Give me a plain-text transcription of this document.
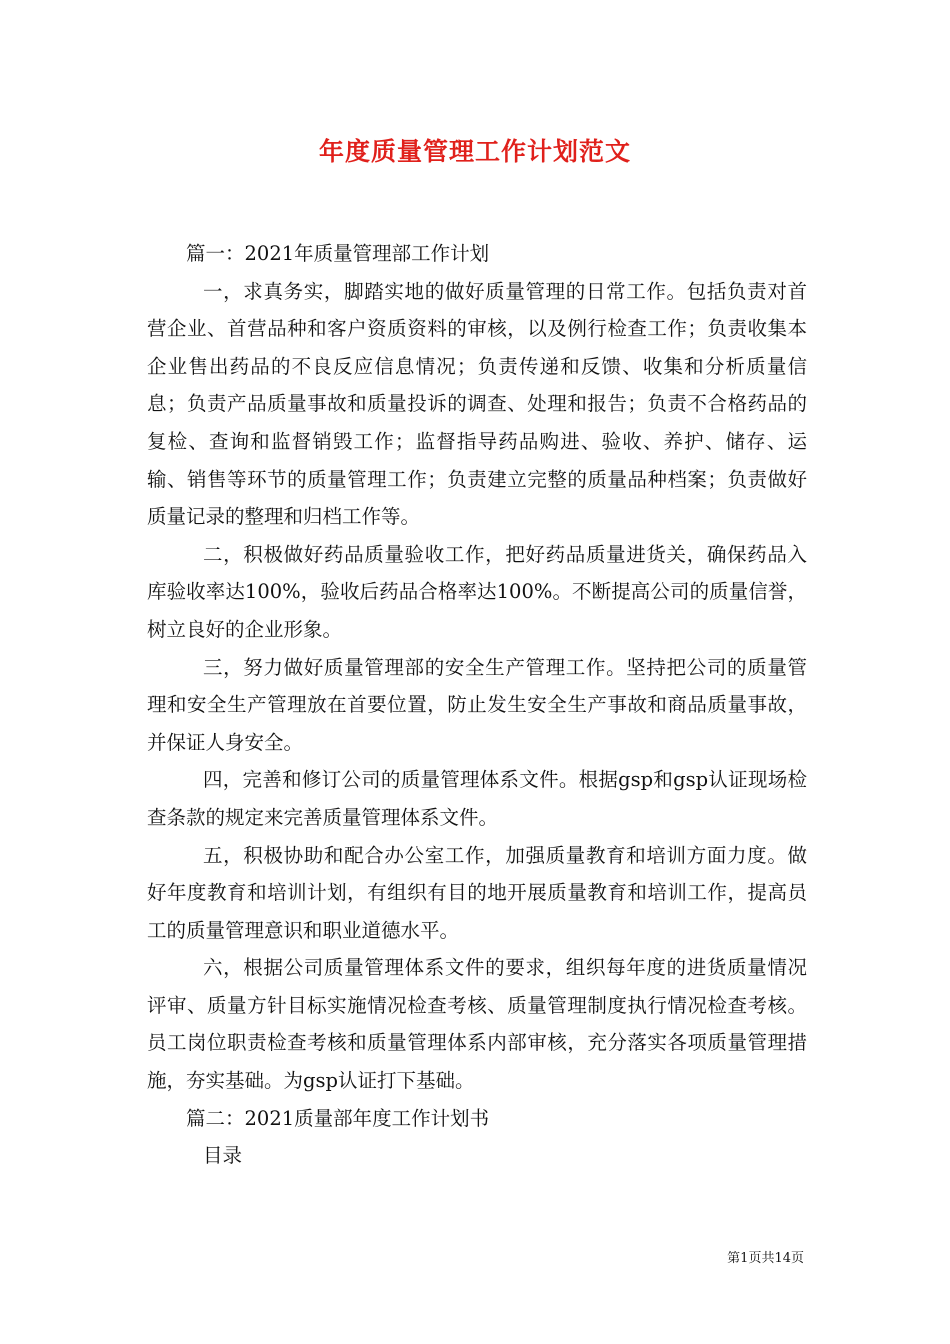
年度质量管理工作计划范文

篇一：2021年质量管理部工作计划

一，求真务实，脚踏实地的做好质量管理的日常工作。包括负责对首营企业、首营品种和客户资质资料的审核，以及例行检查工作；负责收集本企业售出药品的不良反应信息情况；负责传递和反馈、收集和分析质量信息；负责产品质量事故和质量投诉的调查、处理和报告；负责不合格药品的复检、查询和监督销毁工作；监督指导药品购进、验收、养护、储存、运输、销售等环节的质量管理工作；负责建立完整的质量品种档案；负责做好质量记录的整理和归档工作等。

二，积极做好药品质量验收工作，把好药品质量进货关，确保药品入库验收率达100%，验收后药品合格率达100%。不断提高公司的质量信誉，树立良好的企业形象。

三，努力做好质量管理部的安全生产管理工作。坚持把公司的质量管理和安全生产管理放在首要位置，防止发生安全生产事故和商品质量事故，并保证人身安全。

四，完善和修订公司的质量管理体系文件。根据gsp和gsp认证现场检查条款的规定来完善质量管理体系文件。

五，积极协助和配合办公室工作，加强质量教育和培训方面力度。做好年度教育和培训计划，有组织有目的地开展质量教育和培训工作，提高员工的质量管理意识和职业道德水平。

六，根据公司质量管理体系文件的要求，组织每年度的进货质量情况评审、质量方针目标实施情况检查考核、质量管理制度执行情况检查考核。员工岗位职责检查考核和质量管理体系内部审核，充分落实各项质量管理措施，夯实基础。为gsp认证打下基础。

篇二：2021质量部年度工作计划书

目录

第1页共14页
